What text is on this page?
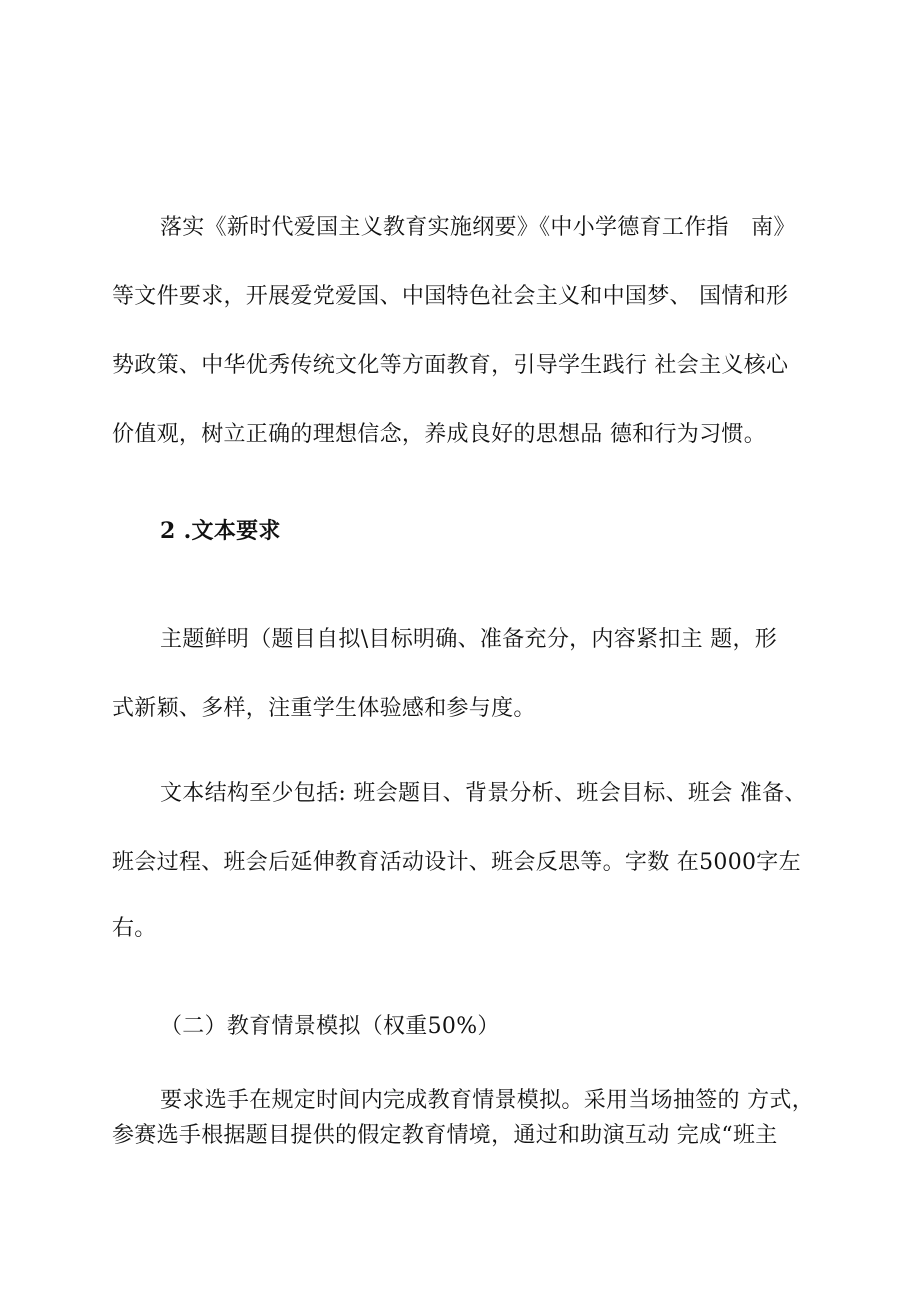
落实《新时代爱国主义教育实施纲要》《中小学德育工作指　南》
等文件要求，开展爱党爱国、中国特色社会主义和中国梦、 国情和形
势政策、中华优秀传统文化等方面教育，引导学生践行 社会主义核心
价值观，树立正确的理想信念，养成良好的思想品 德和行为习惯。
2 .文本要求
主题鲜明（题目自拟\目标明确、准备充分，内容紧扣主 题，形
式新颖、多样，注重学生体验感和参与度。
文本结构至少包括: 班会题目、背景分析、班会目标、班会 准备、
班会过程、班会后延伸教育活动设计、班会反思等。字数 在5000字左
右。
（二）教育情景模拟（权重50%）
要求选手在规定时间内完成教育情景模拟。采用当场抽签的 方式，
参赛选手根据题目提供的假定教育情境，通过和助演互动 完成“班主
